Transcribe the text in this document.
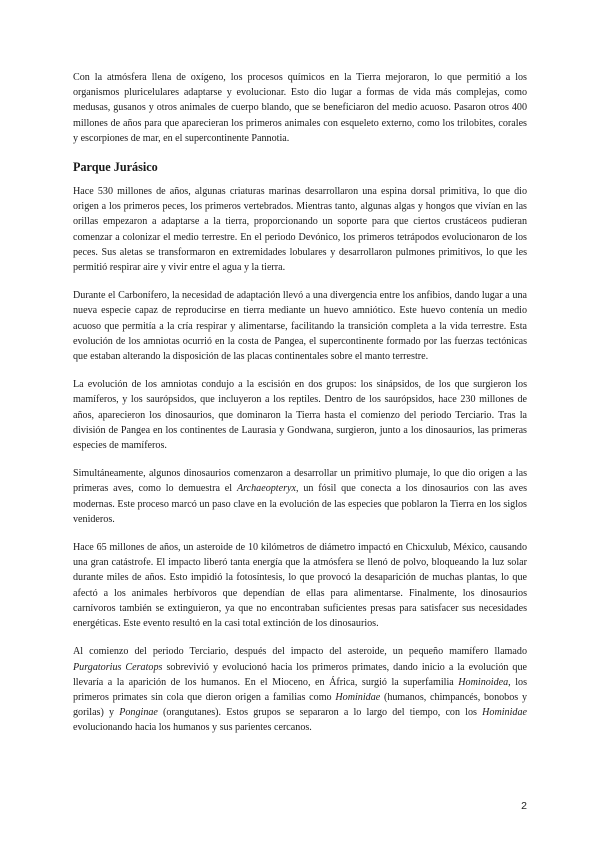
Con la atmósfera llena de oxígeno, los procesos químicos en la Tierra mejoraron, lo que permitió a los organismos pluricelulares adaptarse y evolucionar. Esto dio lugar a formas de vida más complejas, como medusas, gusanos y otros animales de cuerpo blando, que se beneficiaron del medio acuoso. Pasaron otros 400 millones de años para que aparecieran los primeros animales con esqueleto externo, como los trilobites, corales y escorpiones de mar, en el supercontinente Pannotia.

Parque Jurásico

Hace 530 millones de años, algunas criaturas marinas desarrollaron una espina dorsal primitiva, lo que dio origen a los primeros peces, los primeros vertebrados. Mientras tanto, algunas algas y hongos que vivían en las orillas empezaron a adaptarse a la tierra, proporcionando un soporte para que ciertos crustáceos pudieran comenzar a colonizar el medio terrestre. En el periodo Devónico, los primeros tetrápodos evolucionaron de los peces. Sus aletas se transformaron en extremidades lobulares y desarrollaron pulmones primitivos, lo que les permitió respirar aire y vivir entre el agua y la tierra.

Durante el Carbonífero, la necesidad de adaptación llevó a una divergencia entre los anfibios, dando lugar a una nueva especie capaz de reproducirse en tierra mediante un huevo amniótico. Este huevo contenía un medio acuoso que permitía a la cría respirar y alimentarse, facilitando la transición completa a la vida terrestre. Esta evolución de los amniotas ocurrió en la costa de Pangea, el supercontinente formado por las fuerzas tectónicas que estaban alterando la disposición de las placas continentales sobre el manto terrestre.

La evolución de los amniotas condujo a la escisión en dos grupos: los sinápsidos, de los que surgieron los mamíferos, y los saurópsidos, que incluyeron a los reptiles. Dentro de los saurópsidos, hace 230 millones de años, aparecieron los dinosaurios, que dominaron la Tierra hasta el comienzo del periodo Terciario. Tras la división de Pangea en los continentes de Laurasia y Gondwana, surgieron, junto a los dinosaurios, las primeras especies de mamíferos.

Simultáneamente, algunos dinosaurios comenzaron a desarrollar un primitivo plumaje, lo que dio origen a las primeras aves, como lo demuestra el Archaeopteryx, un fósil que conecta a los dinosaurios con las aves modernas. Este proceso marcó un paso clave en la evolución de las especies que poblaron la Tierra en los siglos venideros.

Hace 65 millones de años, un asteroide de 10 kilómetros de diámetro impactó en Chicxulub, México, causando una gran catástrofe. El impacto liberó tanta energía que la atmósfera se llenó de polvo, bloqueando la luz solar durante miles de años. Esto impidió la fotosíntesis, lo que provocó la desaparición de muchas plantas, lo que afectó a los animales herbívoros que dependían de ellas para alimentarse. Finalmente, los dinosaurios carnívoros también se extinguieron, ya que no encontraban suficientes presas para satisfacer sus necesidades energéticas. Este evento resultó en la casi total extinción de los dinosaurios.

Al comienzo del periodo Terciario, después del impacto del asteroide, un pequeño mamífero llamado Purgatorius Ceratops sobrevivió y evolucionó hacia los primeros primates, dando inicio a la evolución que llevaría a la aparición de los humanos. En el Mioceno, en África, surgió la superfamilia Hominoidea, los primeros primates sin cola que dieron origen a familias como Hominidae (humanos, chimpancés, bonobos y gorilas) y Ponginae (orangutanes). Estos grupos se separaron a lo largo del tiempo, con los Hominidae evolucionando hacia los humanos y sus parientes cercanos.

2
